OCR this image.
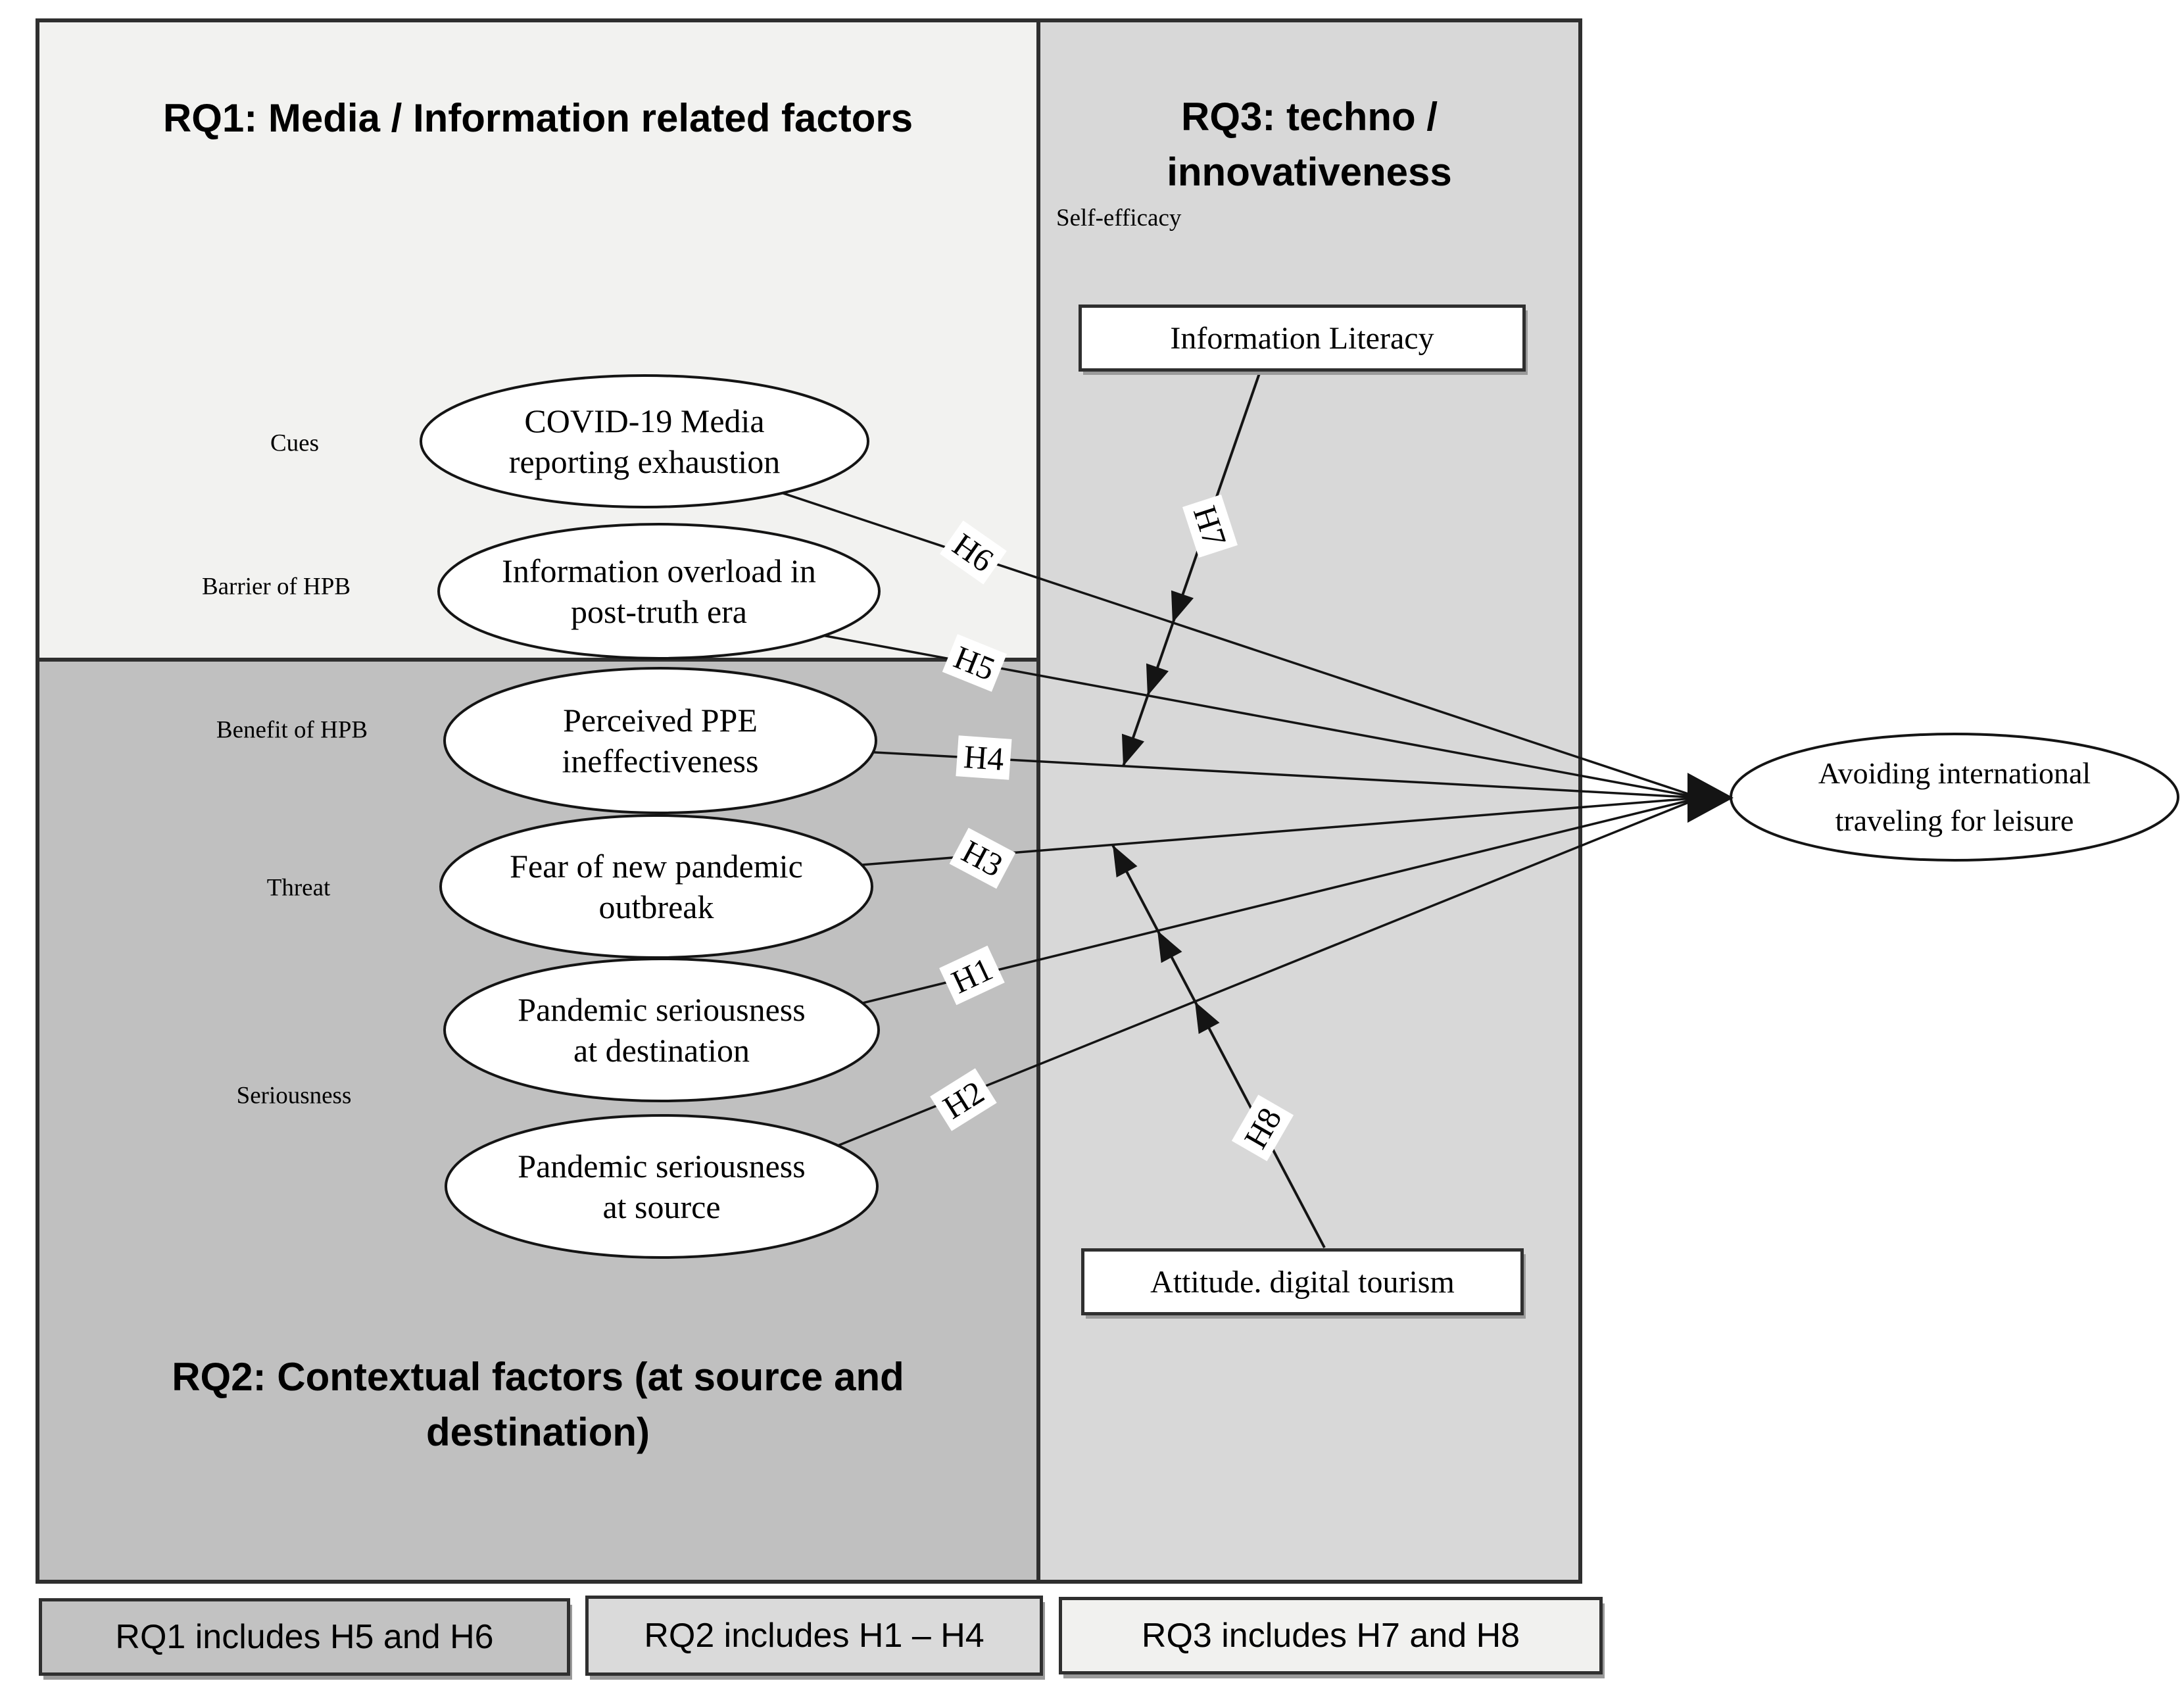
RQ1: Media / Information related factors	RQ3: techno /
innovativeness
RQ2: Contextual factors (at source and
destination)
Self-efficacy
Cues
Barrier of HPB
Benefit of HPB
Threat
Seriousness
COVID-19 Media
reporting exhaustion
Information overload in
post-truth era
Perceived PPE
ineffectiveness
Fear of new pandemic
outbreak
Pandemic seriousness
at destination
Pandemic seriousness
at source
Avoiding international
traveling for leisure
Information Literacy
Attitude. digital tourism
H6
H5
H4
H3
H1
H2
H7
H8
RQ1 includes H5 and H6	RQ2 includes H1 – H4	RQ3 includes H7 and H8
